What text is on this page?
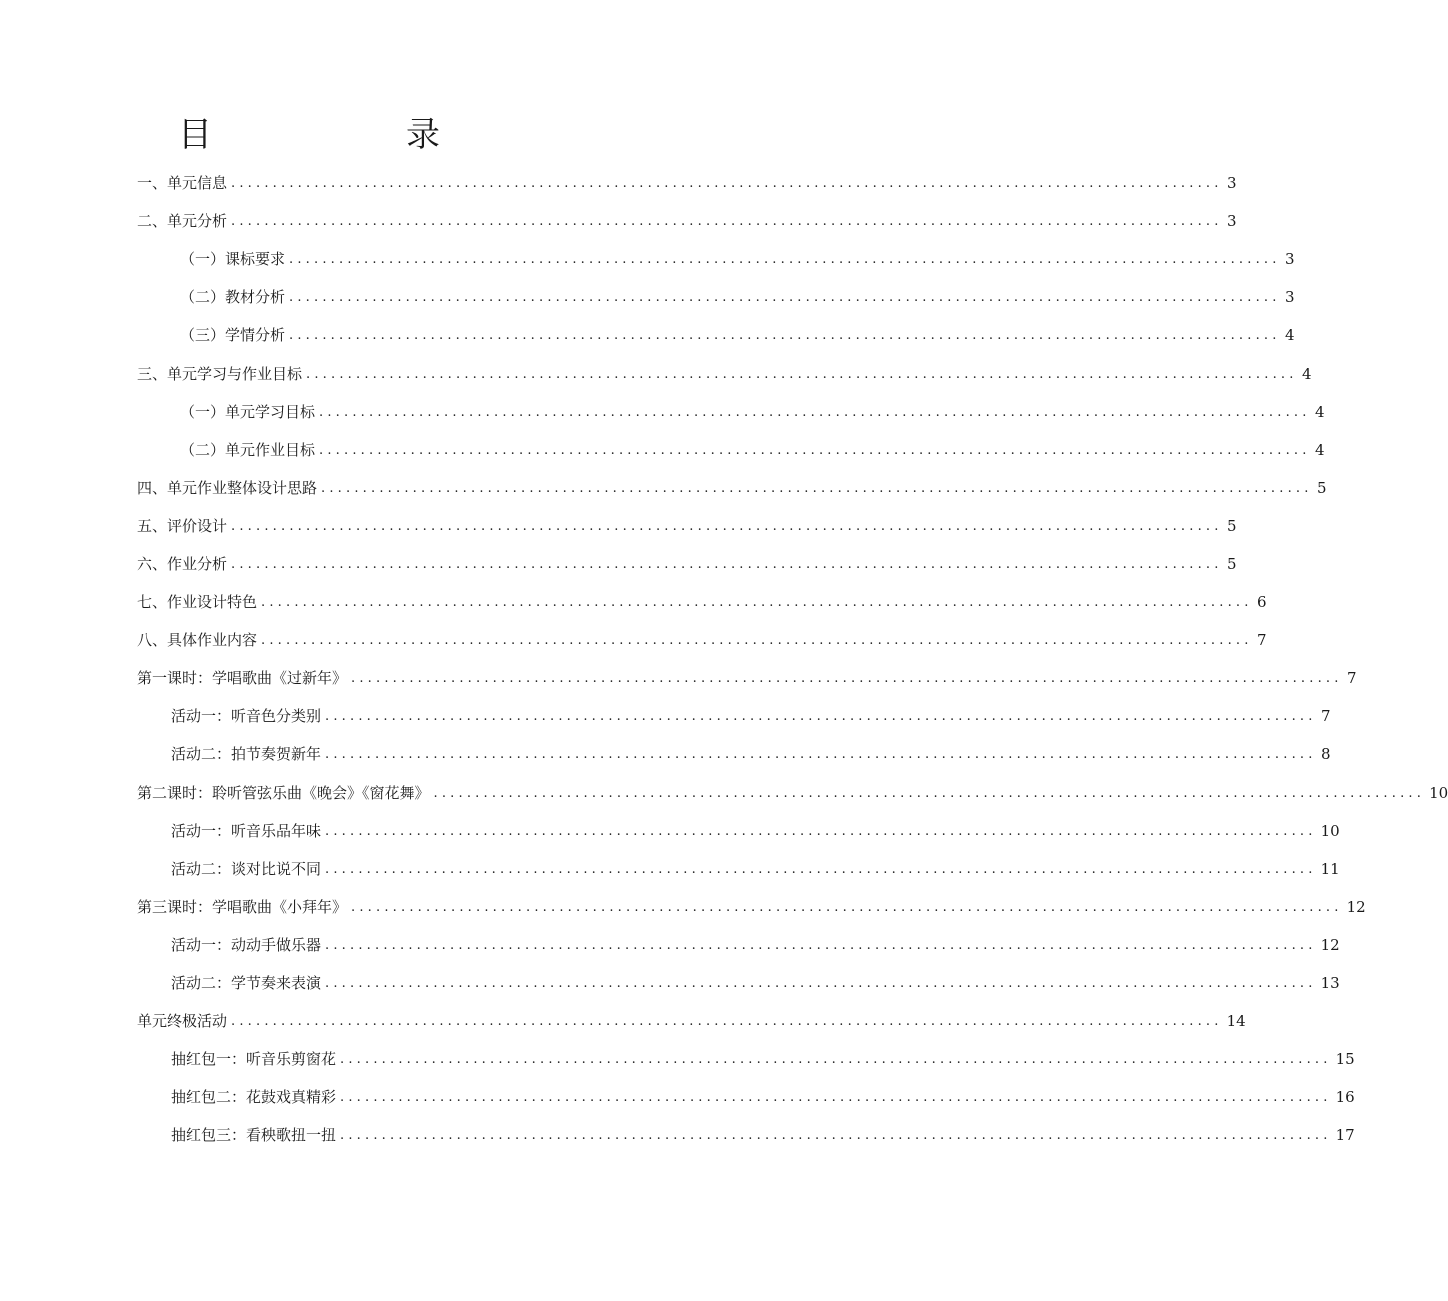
目	录
一、单元信息 ....................................................................................................................... 3
二、单元分析 ....................................................................................................................... 3
（一）课标要求 ....................................................................................................................... 3
（二）教材分析 ....................................................................................................................... 3
（三）学情分析 ....................................................................................................................... 4
三、单元学习与作业目标 ....................................................................................................................... 4
（一）单元学习目标 ....................................................................................................................... 4
（二）单元作业目标 ....................................................................................................................... 4
四、单元作业整体设计思路 ....................................................................................................................... 5
五、评价设计 ....................................................................................................................... 5
六、作业分析 ....................................................................................................................... 5
七、作业设计特色 ....................................................................................................................... 6
八、具体作业内容 ....................................................................................................................... 7
第一课时：学唱歌曲《过新年》 ....................................................................................................................... 7
活动一：听音色分类别 ....................................................................................................................... 7
活动二：拍节奏贺新年 ....................................................................................................................... 8
第二课时：聆听管弦乐曲《晚会》《窗花舞》 ....................................................................................................................... 10
活动一：听音乐品年味 ....................................................................................................................... 10
活动二：谈对比说不同 ....................................................................................................................... 11
第三课时：学唱歌曲《小拜年》 ....................................................................................................................... 12
活动一：动动手做乐器 ....................................................................................................................... 12
活动二：学节奏来表演 ....................................................................................................................... 13
单元终极活动 ....................................................................................................................... 14
抽红包一：听音乐剪窗花 ....................................................................................................................... 15
抽红包二：花鼓戏真精彩 ....................................................................................................................... 16
抽红包三：看秧歌扭一扭 ....................................................................................................................... 17
